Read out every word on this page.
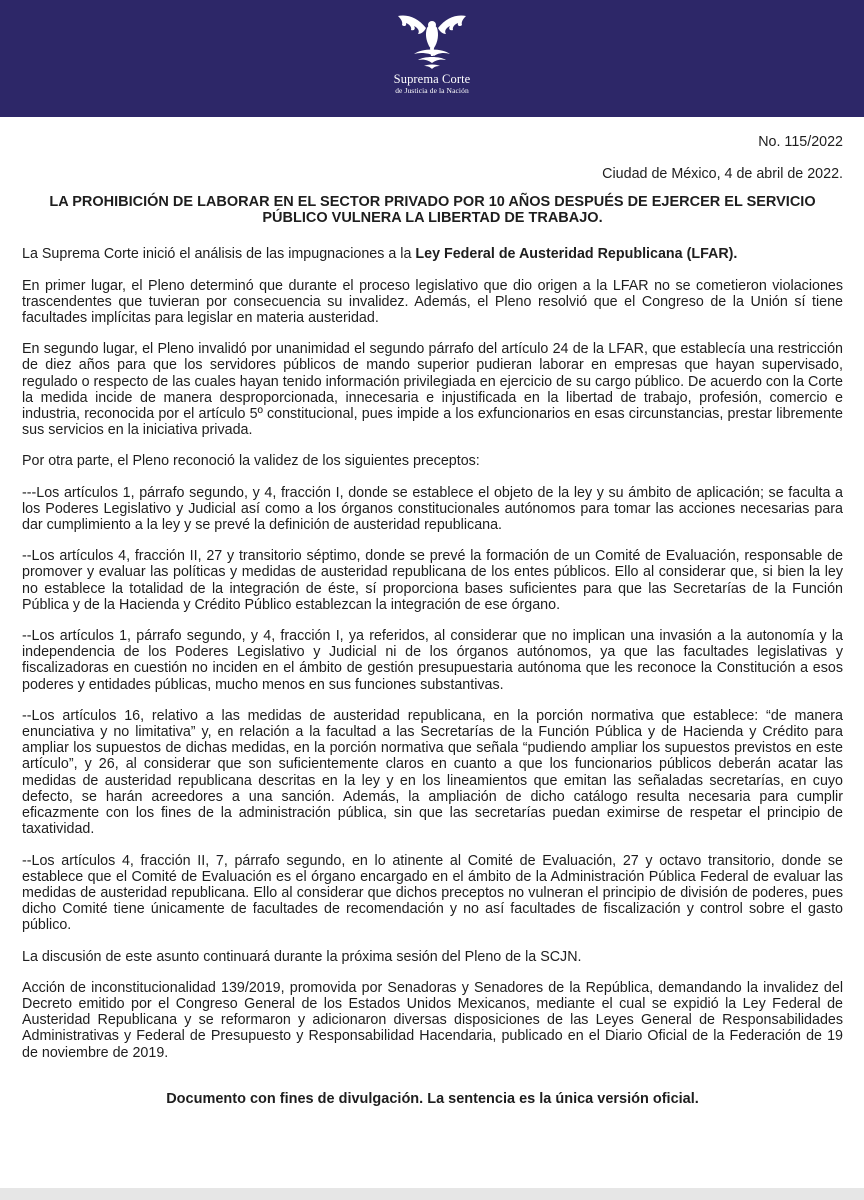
Suprema Corte
de Justicia de la Nación
No. 115/2022
Ciudad de México, 4 de abril de 2022.
LA PROHIBICIÓN DE LABORAR EN EL SECTOR PRIVADO POR 10 AÑOS DESPUÉS DE EJERCER EL SERVICIO PÚBLICO VULNERA LA LIBERTAD DE TRABAJO.

La Suprema Corte inició el análisis de las impugnaciones a la Ley Federal de Austeridad Republicana (LFAR).

En primer lugar, el Pleno determinó que durante el proceso legislativo que dio origen a la LFAR no se cometieron violaciones trascendentes que tuvieran por consecuencia su invalidez. Además, el Pleno resolvió que el Congreso de la Unión sí tiene facultades implícitas para legislar en materia austeridad.

En segundo lugar, el Pleno invalidó por unanimidad el segundo párrafo del artículo 24 de la LFAR, que establecía una restricción de diez años para que los servidores públicos de mando superior pudieran laborar en empresas que hayan supervisado, regulado o respecto de las cuales hayan tenido información privilegiada en ejercicio de su cargo público. De acuerdo con la Corte la medida incide de manera desproporcionada, innecesaria e injustificada en la libertad de trabajo, profesión, comercio e industria, reconocida por el artículo 5º constitucional, pues impide a los exfuncionarios en esas circunstancias, prestar libremente sus servicios en la iniciativa privada.

Por otra parte, el Pleno reconoció la validez de los siguientes preceptos:

---Los artículos 1, párrafo segundo, y 4, fracción I, donde se establece el objeto de la ley y su ámbito de aplicación; se faculta a los Poderes Legislativo y Judicial así como a los órganos constitucionales autónomos para tomar las acciones necesarias para dar cumplimiento a la ley y se prevé la definición de austeridad republicana.

--Los artículos 4, fracción II, 27 y transitorio séptimo, donde se prevé la formación de un Comité de Evaluación, responsable de promover y evaluar las políticas y medidas de austeridad republicana de los entes públicos. Ello al considerar que, si bien la ley no establece la totalidad de la integración de éste, sí proporciona bases suficientes para que las Secretarías de la Función Pública y de la Hacienda y Crédito Público establezcan la integración de ese órgano.

--Los artículos 1, párrafo segundo, y 4, fracción I, ya referidos, al considerar que no implican una invasión a la autonomía y la independencia de los Poderes Legislativo y Judicial ni de los órganos autónomos, ya que las facultades legislativas y fiscalizadoras en cuestión no inciden en el ámbito de gestión presupuestaria autónoma que les reconoce la Constitución a esos poderes y entidades públicas, mucho menos en sus funciones substantivas.

--Los artículos 16, relativo a las medidas de austeridad republicana, en la porción normativa que establece: “de manera enunciativa y no limitativa” y, en relación a la facultad a las Secretarías de la Función Pública y de Hacienda y Crédito para ampliar los supuestos de dichas medidas, en la porción normativa que señala “pudiendo ampliar los supuestos previstos en este artículo”, y 26, al considerar que son suficientemente claros en cuanto a que los funcionarios públicos deberán acatar las medidas de austeridad republicana descritas en la ley y en los lineamientos que emitan las señaladas secretarías, en cuyo defecto, se harán acreedores a una sanción. Además, la ampliación de dicho catálogo resulta necesaria para cumplir eficazmente con los fines de la administración pública, sin que las secretarías puedan eximirse de respetar el principio de taxatividad.

--Los artículos 4, fracción II, 7, párrafo segundo, en lo atinente al Comité de Evaluación, 27 y octavo transitorio, donde se establece que el Comité de Evaluación es el órgano encargado en el ámbito de la Administración Pública Federal de evaluar las medidas de austeridad republicana. Ello al considerar que dichos preceptos no vulneran el principio de división de poderes, pues dicho Comité tiene únicamente de facultades de recomendación y no así facultades de fiscalización y control sobre el gasto público.

La discusión de este asunto continuará durante la próxima sesión del Pleno de la SCJN.

Acción de inconstitucionalidad 139/2019, promovida por Senadoras y Senadores de la República, demandando la invalidez del Decreto emitido por el Congreso General de los Estados Unidos Mexicanos, mediante el cual se expidió la Ley Federal de Austeridad Republicana y se reformaron y adicionaron diversas disposiciones de las Leyes General de Responsabilidades Administrativas y Federal de Presupuesto y Responsabilidad Hacendaria, publicado en el Diario Oficial de la Federación de 19 de noviembre de 2019.

Documento con fines de divulgación. La sentencia es la única versión oficial.
